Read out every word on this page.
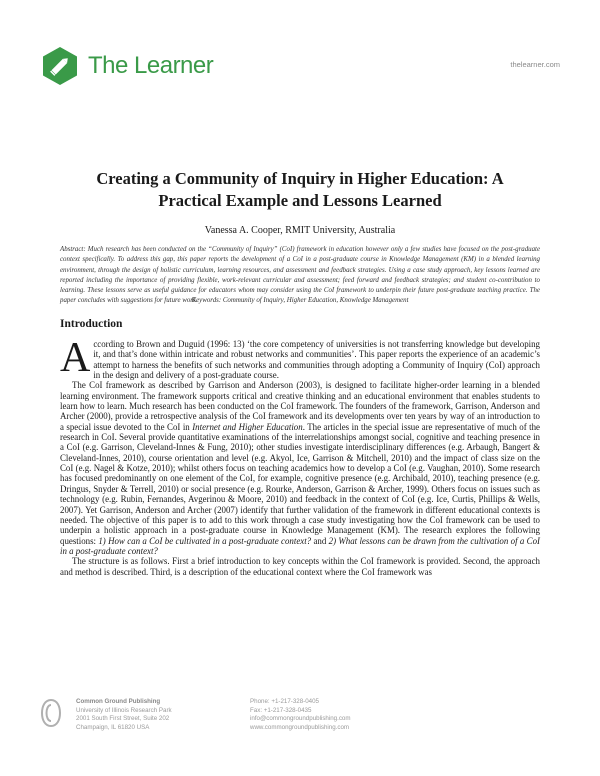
The Learner	thelearner.com
Creating a Community of Inquiry in Higher Education: A
Practical Example and Lessons Learned
Vanessa A. Cooper, RMIT University, Australia
Abstract: Much research has been conducted on the “Community of Inquiry” (CoI) framework in education however only a few studies have focused on the post-graduate context specifically. To address this gap, this paper reports the development of a CoI in a post-graduate course in Knowledge Management (KM) in a blended learning environment, through the design of holistic curriculum, learning resources, and assessment and feedback strategies. Using a case study approach, key lessons learned are reported including the importance of providing flexible, work-relevant curricular and assessment; feed forward and feedback strategies; and student co-contribution to learning. These lessons serve as useful guidance for educators whom may consider using the CoI framework to underpin their future post-graduate teaching practice. The paper concludes with suggestions for future work.
Keywords: Community of Inquiry, Higher Education, Knowledge Management
Introduction

According to Brown and Duguid (1996: 13) ‘the core competency of universities is not transferring knowledge but developing it, and that’s done within intricate and robust networks and communities’. This paper reports the experience of an academic’s attempt to harness the benefits of such networks and communities through adopting a Community of Inquiry (CoI) approach in the design and delivery of a post-graduate course.

The CoI framework as described by Garrison and Anderson (2003), is designed to facilitate higher-order learning in a blended learning environment. The framework supports critical and creative thinking and an educational environment that enables students to learn how to learn. Much research has been conducted on the CoI framework. The founders of the framework, Garrison, Anderson and Archer (2000), provide a retrospective analysis of the CoI framework and its developments over ten years by way of an introduction to a special issue devoted to the CoI in Internet and Higher Education. The articles in the special issue are representative of much of the research in CoI. Several provide quantitative examinations of the interrelationships amongst social, cognitive and teaching presence in a CoI (e.g. Garrison, Cleveland-Innes & Fung, 2010); other studies investigate interdisciplinary differences (e.g. Arbaugh, Bangert & Cleveland-Innes, 2010), course orientation and level (e.g. Akyol, Ice, Garrison & Mitchell, 2010) and the impact of class size on the CoI (e.g. Nagel & Kotze, 2010); whilst others focus on teaching academics how to develop a CoI (e.g. Vaughan, 2010). Some research has focused predominantly on one element of the CoI, for example, cognitive presence (e.g. Archibald, 2010), teaching presence (e.g. Dringus, Snyder & Terrell, 2010) or social presence (e.g. Rourke, Anderson, Garrison & Archer, 1999). Others focus on issues such as technology (e.g. Rubin, Fernandes, Avgerinou & Moore, 2010) and feedback in the context of CoI (e.g. Ice, Curtis, Phillips & Wells, 2007). Yet Garrison, Anderson and Archer (2007) identify that further validation of the framework in different educational contexts is needed. The objective of this paper is to add to this work through a case study investigating how the CoI framework can be used to underpin a holistic approach in a post-graduate course in Knowledge Management (KM). The research explores the following questions: 1) How can a CoI be cultivated in a post-graduate context? and 2) What lessons can be drawn from the cultivation of a CoI in a post-graduate context?

The structure is as follows. First a brief introduction to key concepts within the CoI framework is provided. Second, the approach and method is described. Third, is a description of the educational context where the CoI framework was

Common Ground Publishing
University of Illinois Research Park
2001 South First Street, Suite 202
Champaign, IL 61820 USA
Phone: +1-217-328-0405
Fax: +1-217-328-0435
info@commongroundpublishing.com
www.commongroundpublishing.com
